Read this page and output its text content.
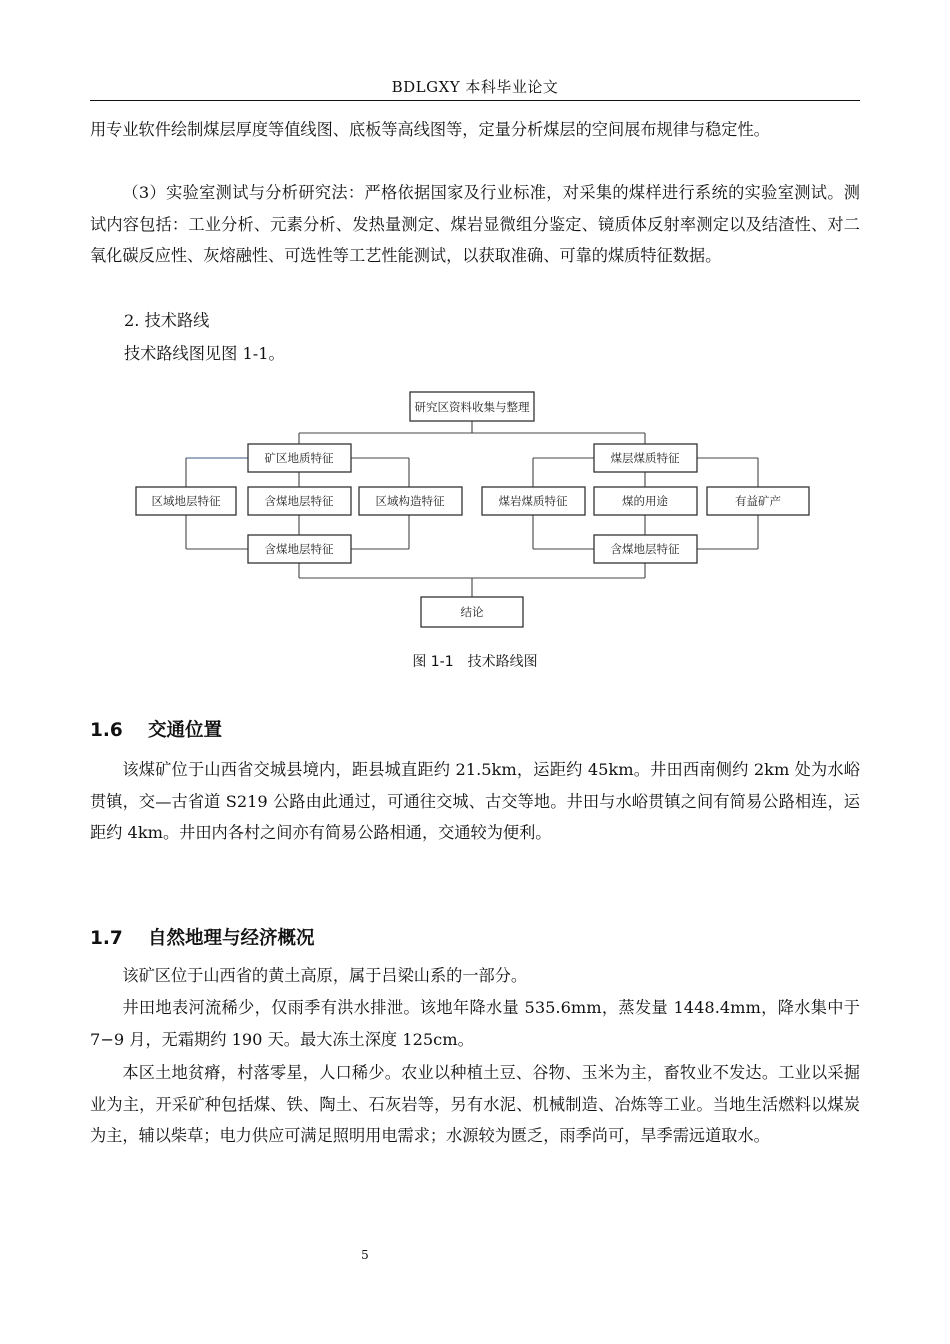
BDLGXY 本科毕业论文

用专业软件绘制煤层厚度等值线图、底板等高线图等，定量分析煤层的空间展布规律与稳定性。

（3）实验室测试与分析研究法：严格依据国家及行业标准，对采集的煤样进行系统的实验室测试。测试内容包括：工业分析、元素分析、发热量测定、煤岩显微组分鉴定、镜质体反射率测定以及结渣性、对二氧化碳反应性、灰熔融性、可选性等工艺性能测试，以获取准确、可靠的煤质特征数据。

2. 技术路线

技术路线图见图 1-1。

研究区资料收集与整理
矿区地质特征
区域地层特征	含煤地层特征	区域构造特征
含煤地层特征
煤层煤质特征
煤岩煤质特征	煤的用途	有益矿产
含煤地层特征
结论
图 1-1　技术路线图
1.6 交通位置

该煤矿位于山西省交城县境内，距县城直距约 21.5km，运距约 45km。井田西南侧约 2km 处为水峪贯镇，交—古省道 S219 公路由此通过，可通往交城、古交等地。井田与水峪贯镇之间有简易公路相连，运距约 4km。井田内各村之间亦有简易公路相通，交通较为便利。

1.7 自然地理与经济概况

该矿区位于山西省的黄土高原，属于吕梁山系的一部分。

井田地表河流稀少，仅雨季有洪水排泄。该地年降水量 535.6mm，蒸发量 1448.4mm，降水集中于 7−9 月，无霜期约 190 天。最大冻土深度 125cm。

本区土地贫瘠，村落零星，人口稀少。农业以种植土豆、谷物、玉米为主，畜牧业不发达。工业以采掘业为主，开采矿种包括煤、铁、陶土、石灰岩等，另有水泥、机械制造、冶炼等工业。当地生活燃料以煤炭为主，辅以柴草；电力供应可满足照明用电需求；水源较为匮乏，雨季尚可，旱季需远道取水。

5
